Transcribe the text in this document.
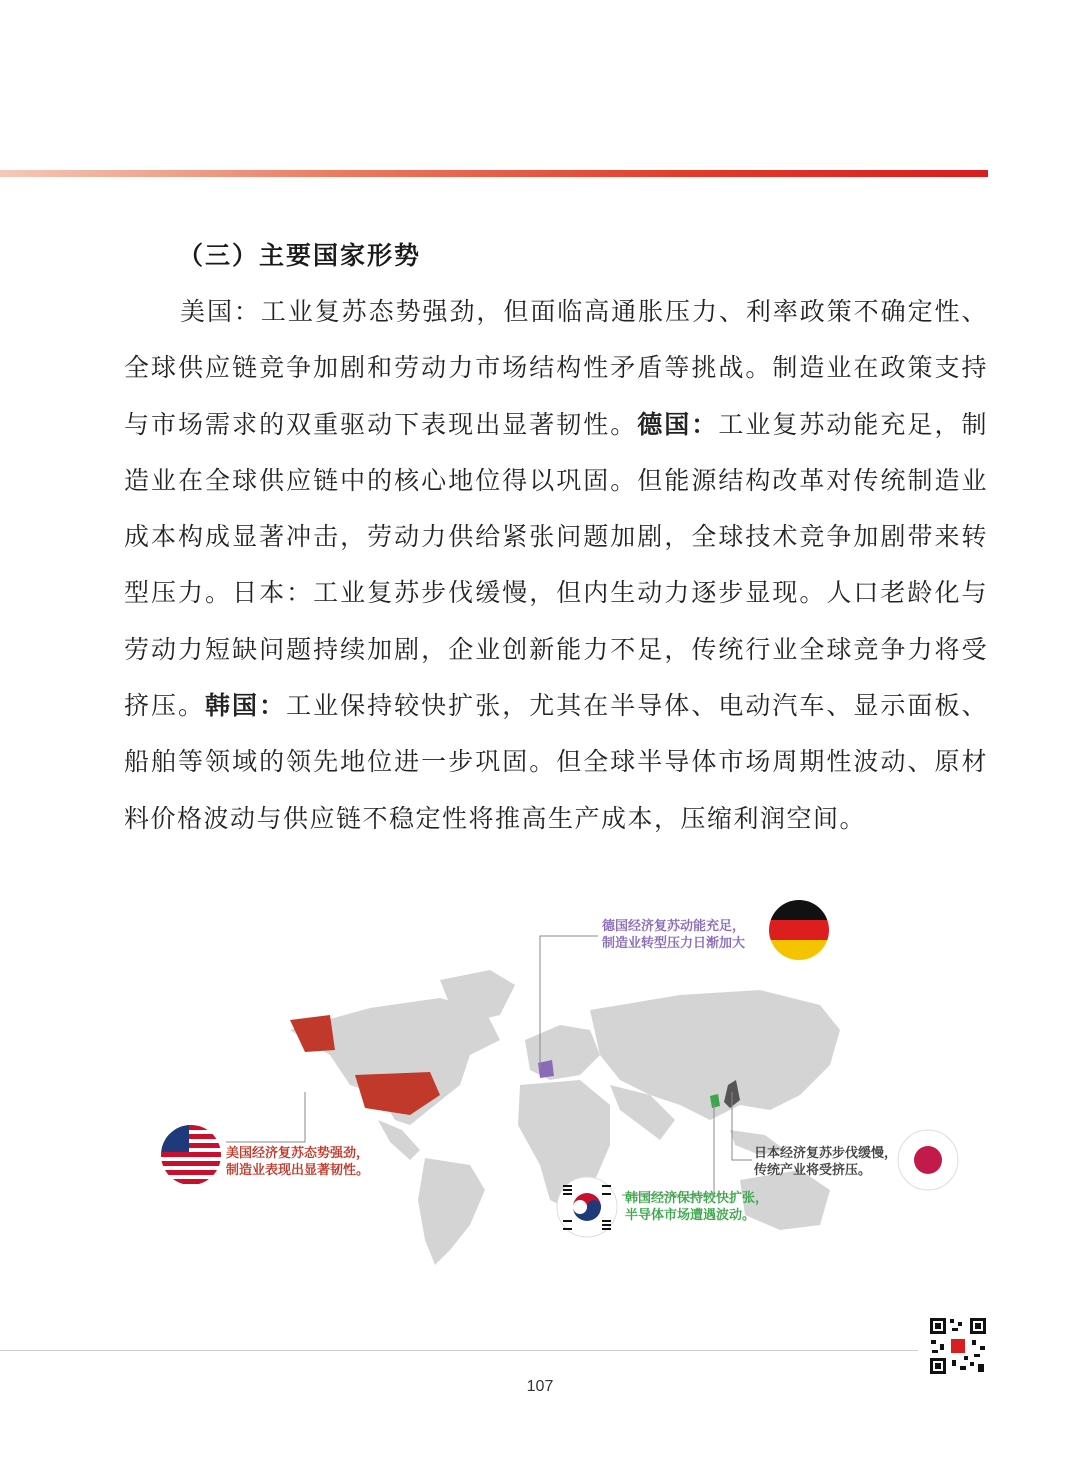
（三）主要国家形势

美国：工业复苏态势强劲，但面临高通胀压力、利率政策不确定性、全球供应链竞争加剧和劳动力市场结构性矛盾等挑战。制造业在政策支持与市场需求的双重驱动下表现出显著韧性。德国：工业复苏动能充足，制造业在全球供应链中的核心地位得以巩固。但能源结构改革对传统制造业成本构成显著冲击，劳动力供给紧张问题加剧，全球技术竞争加剧带来转型压力。日本：工业复苏步伐缓慢，但内生动力逐步显现。人口老龄化与劳动力短缺问题持续加剧，企业创新能力不足，传统行业全球竞争力将受挤压。韩国：工业保持较快扩张，尤其在半导体、电动汽车、显示面板、船舶等领域的领先地位进一步巩固。但全球半导体市场周期性波动、原材料价格波动与供应链不稳定性将推高生产成本，压缩利润空间。

德国经济复苏动能充足，
制造业转型压力日渐加大
美国经济复苏态势强劲，
制造业表现出显著韧性。
日本经济复苏步伐缓慢，
传统产业将受挤压。
韩国经济保持较快扩张，
半导体市场遭遇波动。
107
